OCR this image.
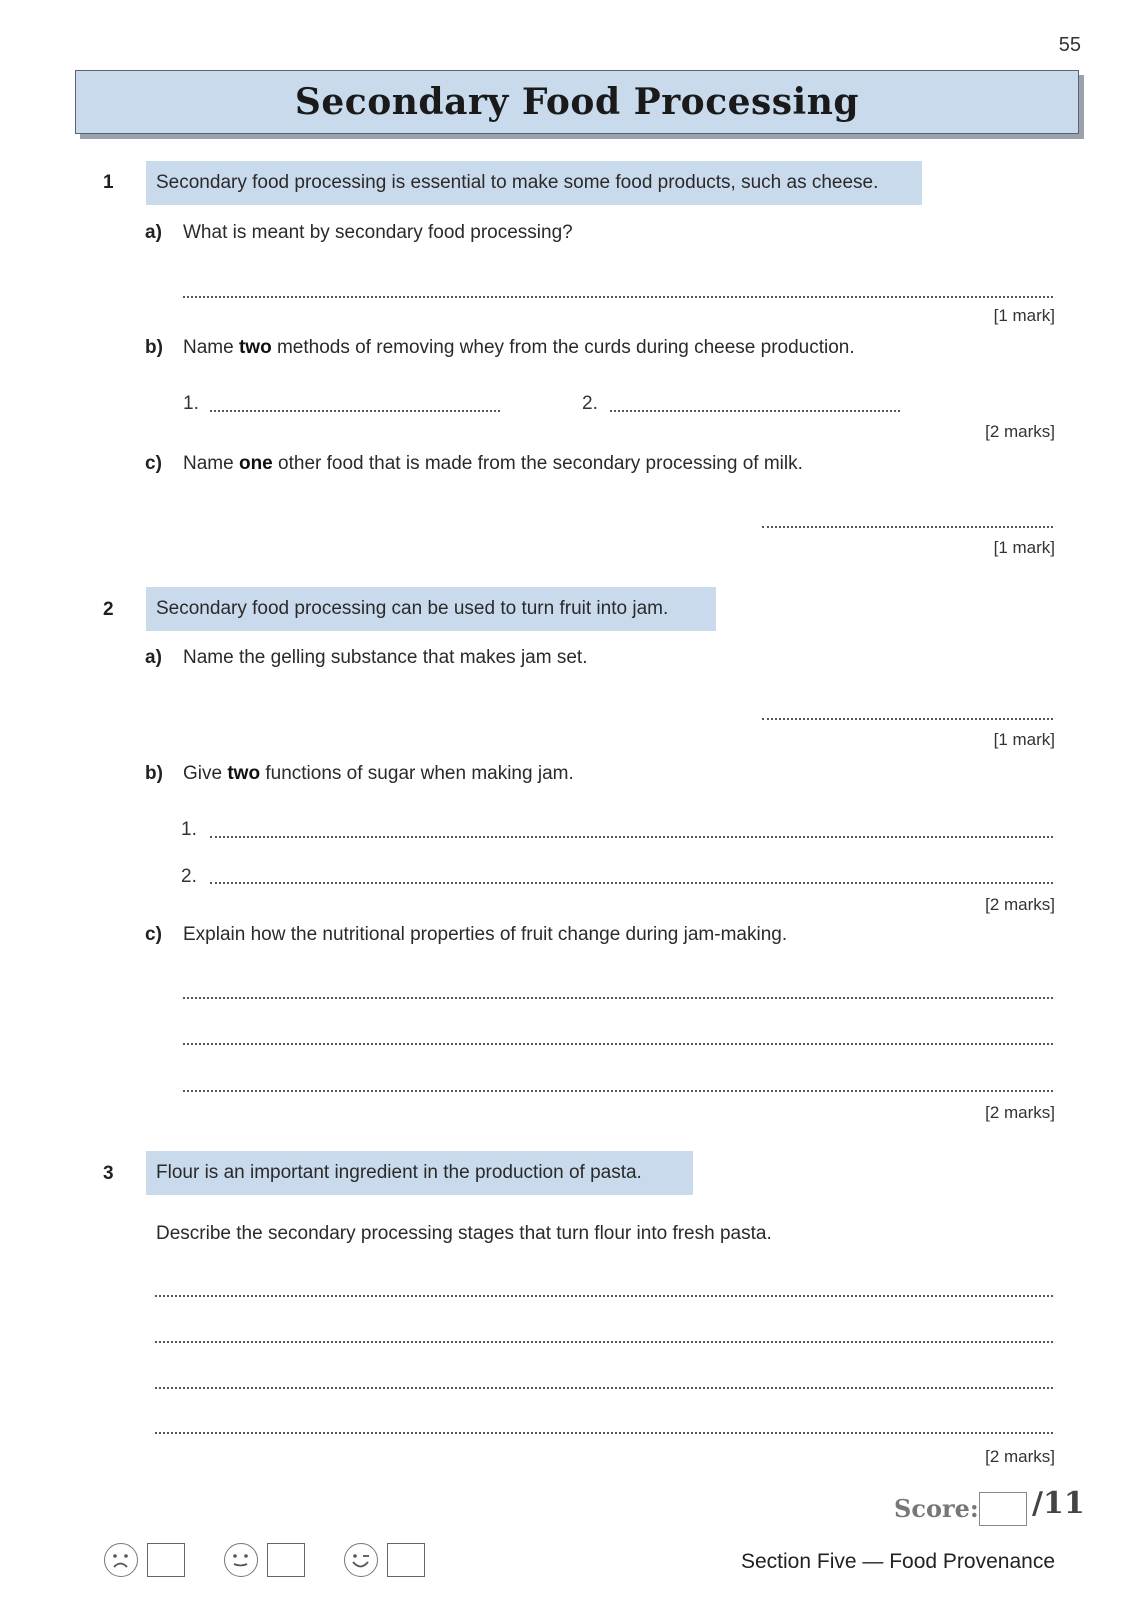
55
Secondary Food Processing
1	Secondary food processing is essential to make some food products, such as cheese.
a) What is meant by secondary food processing?
[1 mark]
b) Name two methods of removing whey from the curds during cheese production.
1.	2.
[2 marks]
c) Name one other food that is made from the secondary processing of milk.
[1 mark]
2	Secondary food processing can be used to turn fruit into jam.
a) Name the gelling substance that makes jam set.
[1 mark]
b) Give two functions of sugar when making jam.
1.
2.
[2 marks]
c) Explain how the nutritional properties of fruit change during jam-making.
[2 marks]
3	Flour is an important ingredient in the production of pasta.
Describe the secondary processing stages that turn flour into fresh pasta.
[2 marks]
Score: /11
Section Five — Food Provenance
